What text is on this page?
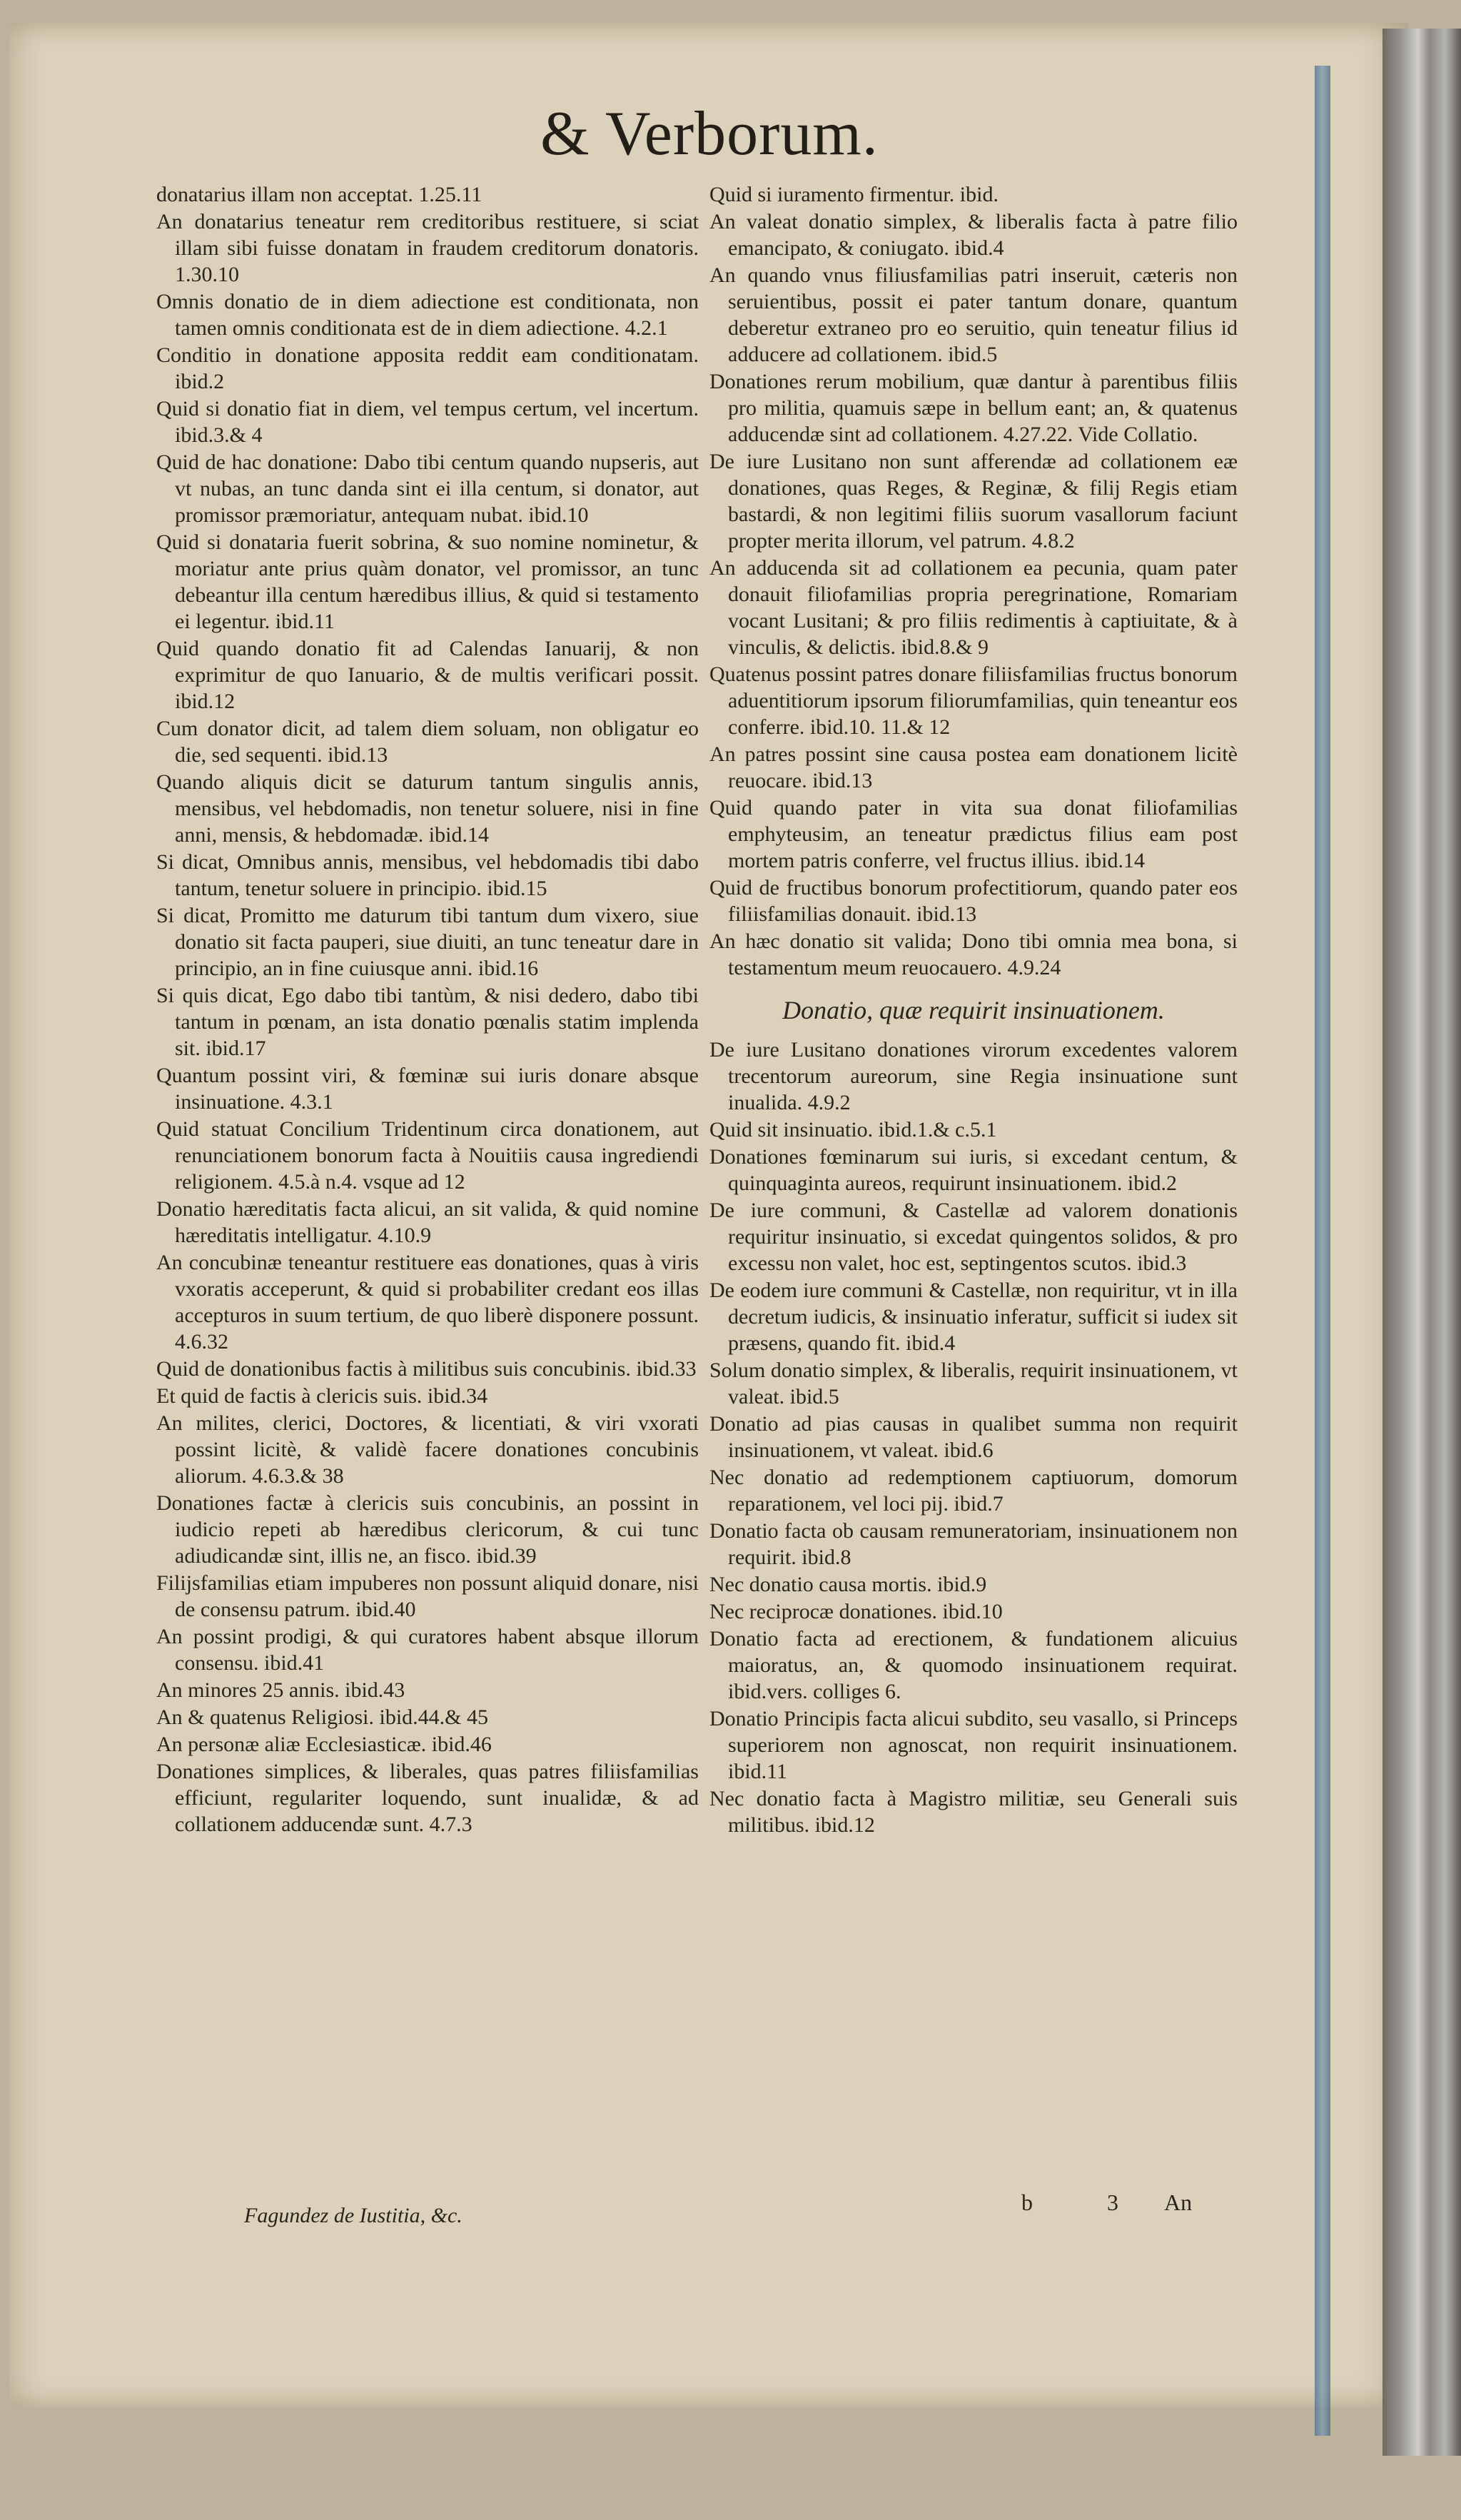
& Verborum.
donatarius illam non acceptat. 1.25.11
An donatarius teneatur rem creditoribus restituere, si sciat illam sibi fuisse donatam in fraudem creditorum donatoris. 1.30.10
Omnis donatio de in diem adiectione est conditionata, non tamen omnis conditionata est de in diem adiectione. 4.2.1
Conditio in donatione apposita reddit eam conditionatam. ibid.2
Quid si donatio fiat in diem, vel tempus certum, vel incertum. ibid.3.& 4
Quid de hac donatione: Dabo tibi centum quando nupseris, aut vt nubas, an tunc danda sint ei illa centum, si donator, aut promissor præmoriatur, antequam nubat. ibid.10
Quid si donataria fuerit sobrina, & suo nomine nominetur, & moriatur ante prius quàm donator, vel promissor, an tunc debeantur illa centum hæredibus illius, & quid si testamento ei legentur. ibid.11
Quid quando donatio fit ad Calendas Ianuarij, & non exprimitur de quo Ianuario, & de multis verificari possit. ibid.12
Cum donator dicit, ad talem diem soluam, non obligatur eo die, sed sequenti. ibid.13
Quando aliquis dicit se daturum tantum singulis annis, mensibus, vel hebdomadis, non tenetur soluere, nisi in fine anni, mensis, & hebdomadæ. ibid.14
Si dicat, Omnibus annis, mensibus, vel hebdomadis tibi dabo tantum, tenetur soluere in principio. ibid.15
Si dicat, Promitto me daturum tibi tantum dum vixero, siue donatio sit facta pauperi, siue diuiti, an tunc teneatur dare in principio, an in fine cuiusque anni. ibid.16
Si quis dicat, Ego dabo tibi tantùm, & nisi dedero, dabo tibi tantum in pœnam, an ista donatio pœnalis statim implenda sit. ibid.17
Quantum possint viri, & fœminæ sui iuris donare absque insinuatione. 4.3.1
Quid statuat Concilium Tridentinum circa donationem, aut renunciationem bonorum facta à Nouitiis causa ingrediendi religionem. 4.5.à n.4. vsque ad 12
Donatio hæreditatis facta alicui, an sit valida, & quid nomine hæreditatis intelligatur. 4.10.9
An concubinæ teneantur restituere eas donationes, quas à viris vxoratis acceperunt, & quid si probabiliter credant eos illas accepturos in suum tertium, de quo liberè disponere possunt. 4.6.32
Quid de donationibus factis à militibus suis concubinis. ibid.33
Et quid de factis à clericis suis. ibid.34
An milites, clerici, Doctores, & licentiati, & viri vxorati possint licitè, & validè facere donationes concubinis aliorum. 4.6.3.& 38
Donationes factæ à clericis suis concubinis, an possint in iudicio repeti ab hæredibus clericorum, & cui tunc adiudicandæ sint, illis ne, an fisco. ibid.39
Filijsfamilias etiam impuberes non possunt aliquid donare, nisi de consensu patrum. ibid.40
An possint prodigi, & qui curatores habent absque illorum consensu. ibid.41
An minores 25 annis. ibid.43
An & quatenus Religiosi. ibid.44.& 45
An personæ aliæ Ecclesiasticæ. ibid.46
Donationes simplices, & liberales, quas patres filiisfamilias efficiunt, regulariter loquendo, sunt inualidæ, & ad collationem adducendæ sunt. 4.7.3
Quid si iuramento firmentur. ibid.
An valeat donatio simplex, & liberalis facta à patre filio emancipato, & coniugato. ibid.4
An quando vnus filiusfamilias patri inseruit, cæteris non seruientibus, possit ei pater tantum donare, quantum deberetur extraneo pro eo seruitio, quin teneatur filius id adducere ad collationem. ibid.5
Donationes rerum mobilium, quæ dantur à parentibus filiis pro militia, quamuis sæpe in bellum eant; an, & quatenus adducendæ sint ad collationem. 4.27.22. Vide Collatio.
De iure Lusitano non sunt afferendæ ad collationem eæ donationes, quas Reges, & Reginæ, & filij Regis etiam bastardi, & non legitimi filiis suorum vasallorum faciunt propter merita illorum, vel patrum. 4.8.2
An adducenda sit ad collationem ea pecunia, quam pater donauit filiofamilias propria peregrinatione, Romariam vocant Lusitani; & pro filiis redimentis à captiuitate, & à vinculis, & delictis. ibid.8.& 9
Quatenus possint patres donare filiisfamilias fructus bonorum aduentitiorum ipsorum filiorumfamilias, quin teneantur eos conferre. ibid.10. 11.& 12
An patres possint sine causa postea eam donationem licitè reuocare. ibid.13
Quid quando pater in vita sua donat filiofamilias emphyteusim, an teneatur prædictus filius eam post mortem patris conferre, vel fructus illius. ibid.14
Quid de fructibus bonorum profectitiorum, quando pater eos filiisfamilias donauit. ibid.13
An hæc donatio sit valida; Dono tibi omnia mea bona, si testamentum meum reuocauero. 4.9.24
Donatio, quæ requirit insinuationem.
De iure Lusitano donationes virorum excedentes valorem trecentorum aureorum, sine Regia insinuatione sunt inualida. 4.9.2
Quid sit insinuatio. ibid.1.& c.5.1
Donationes fœminarum sui iuris, si excedant centum, & quinquaginta aureos, requirunt insinuationem. ibid.2
De iure communi, & Castellæ ad valorem donationis requiritur insinuatio, si excedat quingentos solidos, & pro excessu non valet, hoc est, septingentos scutos. ibid.3
De eodem iure communi & Castellæ, non requiritur, vt in illa decretum iudicis, & insinuatio inferatur, sufficit si iudex sit præsens, quando fit. ibid.4
Solum donatio simplex, & liberalis, requirit insinuationem, vt valeat. ibid.5
Donatio ad pias causas in qualibet summa non requirit insinuationem, vt valeat. ibid.6
Nec donatio ad redemptionem captiuorum, domorum reparationem, vel loci pij. ibid.7
Donatio facta ob causam remuneratoriam, insinuationem non requirit. ibid.8
Nec donatio causa mortis. ibid.9
Nec reciprocæ donationes. ibid.10
Donatio facta ad erectionem, & fundationem alicuius maioratus, an, & quomodo insinuationem requirat. ibid.vers. colliges 6.
Donatio Principis facta alicui subdito, seu vasallo, si Princeps superiorem non agnoscat, non requirit insinuationem. ibid.11
Nec donatio facta à Magistro militiæ, seu Generali suis militibus. ibid.12
Fagundez de Iustitia, &c.
b	3 An
